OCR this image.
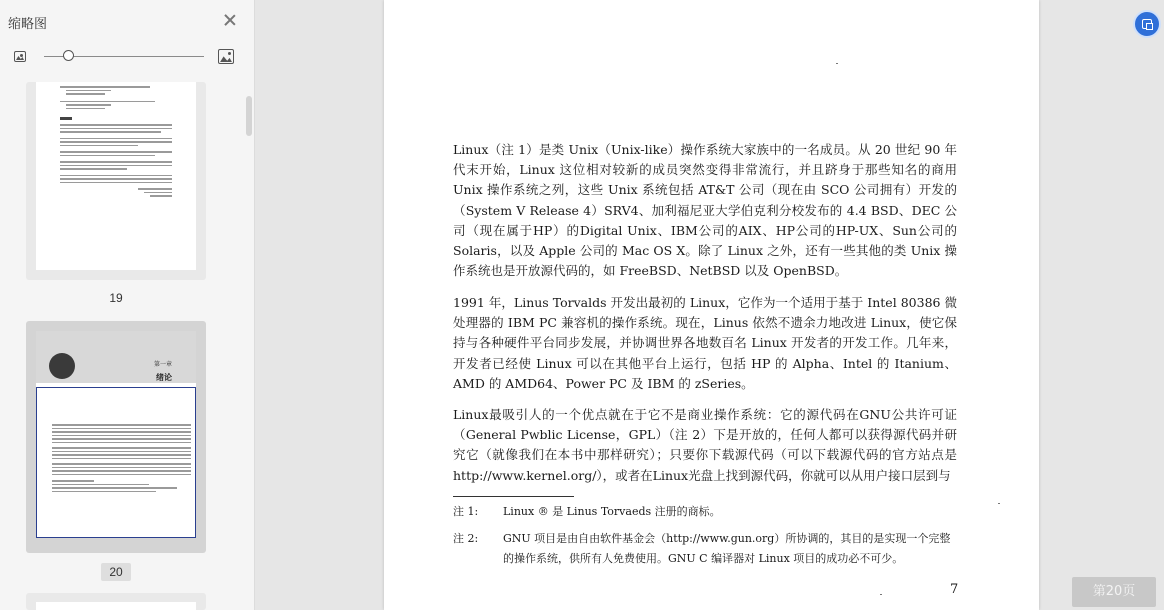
缩略图
19
第一章
绪论
20
Linux（注 1）是类 Unix（Unix-like）操作系统大家族中的一名成员。从 20 世纪 90 年代末开始，Linux 这位相对较新的成员突然变得非常流行，并且跻身于那些知名的商用 Unix 操作系统之列，这些 Unix 系统包括 AT&T 公司（现在由 SCO 公司拥有）开发的（System V Release 4）SRV4、加利福尼亚大学伯克利分校发布的 4.4 BSD、DEC 公司（现在属于HP）的Digital Unix、IBM公司的AIX、HP公司的HP-UX、Sun公司的Solaris，以及 Apple 公司的 Mac OS X。除了 Linux 之外，还有一些其他的类 Unix 操作系统也是开放源代码的，如 FreeBSD、NetBSD 以及 OpenBSD。
1991 年，Linus Torvalds 开发出最初的 Linux，它作为一个适用于基于 Intel 80386 微处理器的 IBM PC 兼容机的操作系统。现在，Linus 依然不遗余力地改进 Linux，使它保持与各种硬件平台同步发展，并协调世界各地数百名 Linux 开发者的开发工作。几年来，开发者已经使 Linux 可以在其他平台上运行，包括 HP 的 Alpha、Intel 的 Itanium、AMD 的 AMD64、Power PC 及 IBM 的 zSeries。
Linux最吸引人的一个优点就在于它不是商业操作系统：它的源代码在GNU公共许可证（General Pwblic License，GPL）（注 2）下是开放的，任何人都可以获得源代码并研究它（就像我们在本书中那样研究）；只要你下载源代码（可以下载源代码的官方站点是 http://www.kernel.org/），或者在Linux光盘上找到源代码，你就可以从用户接口层到与
注 1: Linux ® 是 Linus Torvaeds 注册的商标。
注 2: GNU 项目是由自由软件基金会（http://www.gun.org）所协调的，其目的是实现一个完整的操作系统，供所有人免费使用。GNU C 编译器对 Linux 项目的成功必不可少。
7	第20页
